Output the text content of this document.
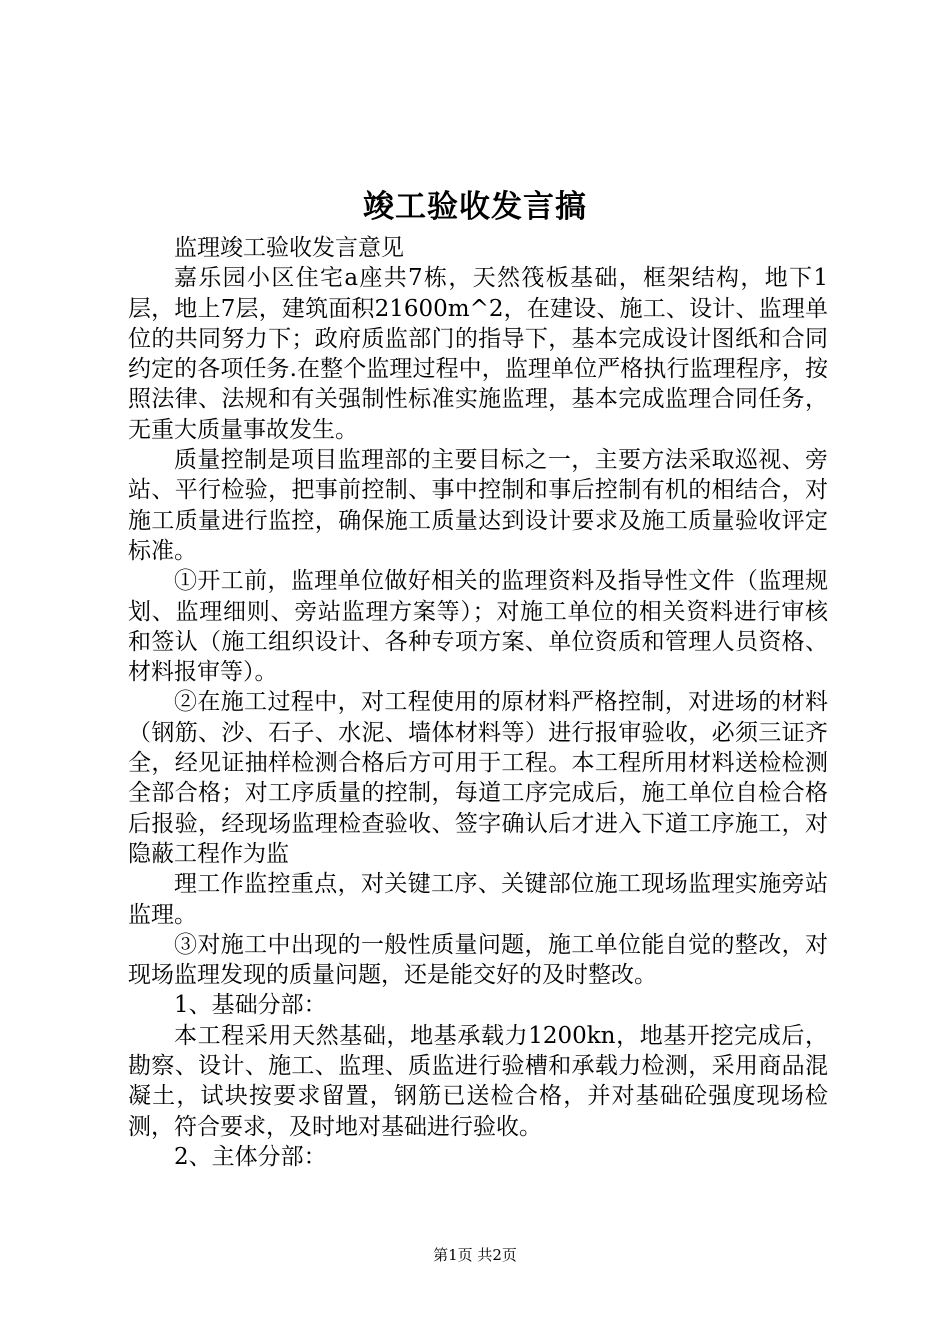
竣工验收发言搞

监理竣工验收发言意见

嘉乐园小区住宅a座共7栋，天然筏板基础，框架结构，地下1层，地上7层，建筑面积21600m^2，在建设、施工、设计、监理单位的共同努力下；政府质监部门的指导下，基本完成设计图纸和合同约定的各项任务.在整个监理过程中，监理单位严格执行监理程序，按照法律、法规和有关强制性标准实施监理，基本完成监理合同任务，无重大质量事故发生。

质量控制是项目监理部的主要目标之一，主要方法采取巡视、旁站、平行检验，把事前控制、事中控制和事后控制有机的相结合，对施工质量进行监控，确保施工质量达到设计要求及施工质量验收评定标准。

①开工前，监理单位做好相关的监理资料及指导性文件（监理规划、监理细则、旁站监理方案等）；对施工单位的相关资料进行审核和签认（施工组织设计、各种专项方案、单位资质和管理人员资格、材料报审等）。

②在施工过程中，对工程使用的原材料严格控制，对进场的材料（钢筋、沙、石子、水泥、墙体材料等）进行报审验收，必须三证齐全，经见证抽样检测合格后方可用于工程。本工程所用材料送检检测全部合格；对工序质量的控制，每道工序完成后，施工单位自检合格后报验，经现场监理检查验收、签字确认后才进入下道工序施工，对隐蔽工程作为监

理工作监控重点，对关键工序、关键部位施工现场监理实施旁站监理。

③对施工中出现的一般性质量问题，施工单位能自觉的整改，对现场监理发现的质量问题，还是能交好的及时整改。

1、基础分部：

本工程采用天然基础，地基承载力1200kn，地基开挖完成后，勘察、设计、施工、监理、质监进行验槽和承载力检测，采用商品混凝土，试块按要求留置，钢筋已送检合格，并对基础砼强度现场检测，符合要求，及时地对基础进行验收。

2、主体分部：

第1页 共2页
